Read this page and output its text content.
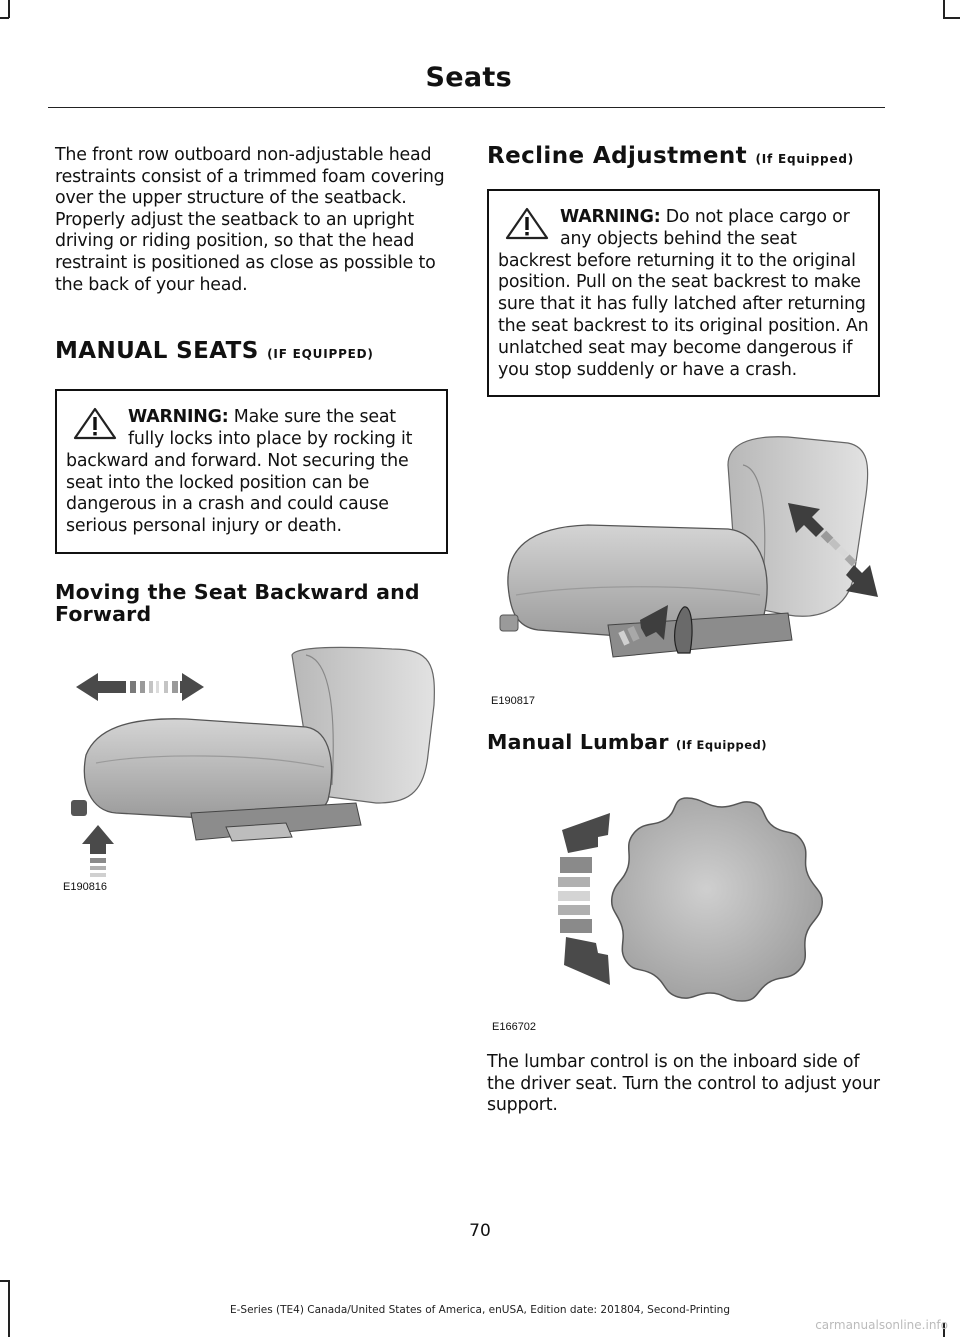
Seats

The front row outboard non-adjustable head restraints consist of a trimmed foam covering over the upper structure of the seatback. Properly adjust the seatback to an upright driving or riding position, so that the head restraint is positioned as close as possible to the back of your head.

MANUAL SEATS (IF EQUIPPED)
WARNING: Make sure the seat fully locks into place by rocking it backward and forward. Not securing the seat into the locked position can be dangerous in a crash and could cause serious personal injury or death.
Moving the Seat Backward and Forward
E190816
Recline Adjustment (If Equipped)
WARNING: Do not place cargo or any objects behind the seat backrest before returning it to the original position. Pull on the seat backrest to make sure that it has fully latched after returning the seat backrest to its original position. An unlatched seat may become dangerous if you stop suddenly or have a crash.
E190817
Manual Lumbar (If Equipped)
E166702

The lumbar control is on the inboard side of the driver seat. Turn the control to adjust your support.

70
E-Series (TE4) Canada/United States of America, enUSA, Edition date: 201804, Second-Printing
carmanualsonline.info
